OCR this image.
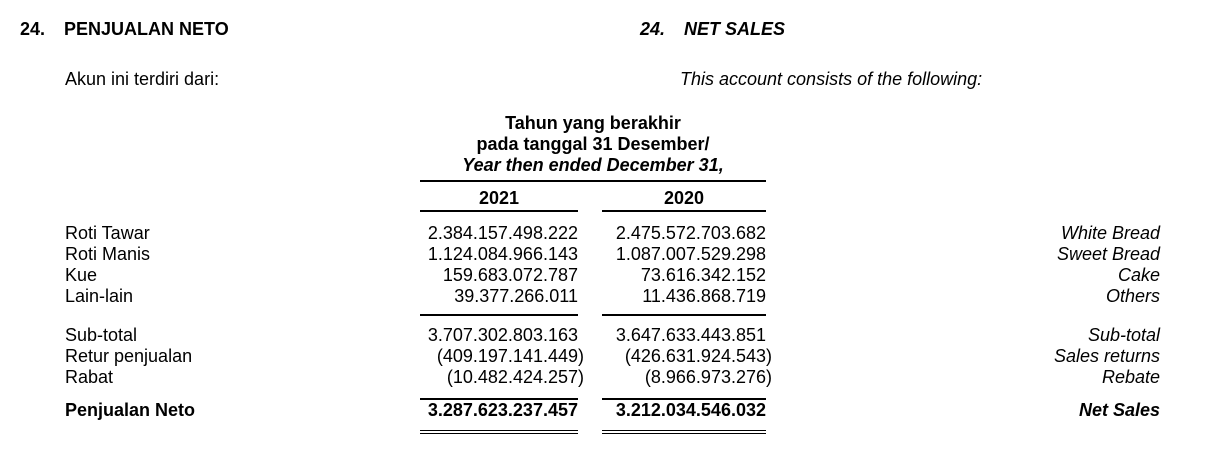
24.	PENJUALAN NETO	24.	NET SALES
Akun ini terdiri dari:	This account consists of the following:
Tahun yang berakhir
pada tanggal 31 Desember/
Year then ended December 31,
2021	2020
Roti Tawar	2.384.157.498.222	2.475.572.703.682	White Bread
Roti Manis	1.124.084.966.143	1.087.007.529.298	Sweet Bread
Kue	159.683.072.787	73.616.342.152	Cake
Lain-lain	39.377.266.011	11.436.868.719	Others
Sub-total	3.707.302.803.163	3.647.633.443.851	Sub-total
Retur penjualan	(409.197.141.449)	(426.631.924.543)	Sales returns
Rabat	(10.482.424.257)	(8.966.973.276)	Rebate
Penjualan Neto	3.287.623.237.457	3.212.034.546.032	Net Sales
